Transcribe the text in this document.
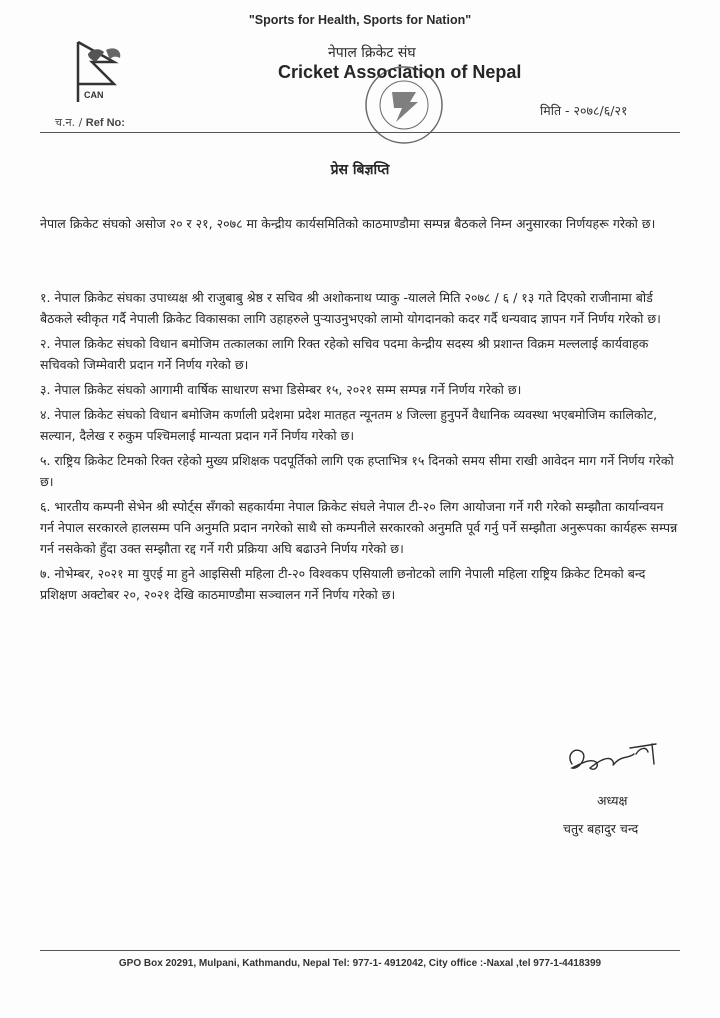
"Sports for Health, Sports for Nation"
CAN
नेपाल क्रिकेट संघ
Cricket Association of Nepal
मिति - २०७८/६/२१
च.न. / Ref No:
प्रेस बिज्ञप्ति
नेपाल क्रिकेट संघको असोज २० र २१, २०७८ मा केन्द्रीय कार्यसमितिको काठमाण्डौमा सम्पन्न बैठकले निम्न अनुसारका निर्णयहरू गरेको छ।

१. नेपाल क्रिकेट संघका उपाध्यक्ष श्री राजुबाबु श्रेष्ठ र सचिव श्री अशोकनाथ प्याकु -यालले मिति २०७८ / ६ / १३ गते दिएको राजीनामा बोर्ड बैठकले स्वीकृत गर्दै नेपाली क्रिकेट विकासका लागि उहाहरुले पुऱ्याउनुभएको लामो योगदानको कदर गर्दै धन्यवाद ज्ञापन गर्ने निर्णय गरेको छ।

२. नेपाल क्रिकेट संघको विधान बमोजिम तत्कालका लागि रिक्त रहेको सचिव पदमा केन्द्रीय सदस्य श्री प्रशान्त विक्रम मल्ललाई कार्यवाहक सचिवको जिम्मेवारी प्रदान गर्ने निर्णय गरेको छ।

३. नेपाल क्रिकेट संघको आगामी वार्षिक साधारण सभा डिसेम्बर १५, २०२१ सम्म सम्पन्न गर्ने निर्णय गरेको छ।

४. नेपाल क्रिकेट संघको विधान बमोजिम कर्णाली प्रदेशमा प्रदेश मातहत न्यूनतम ४ जिल्ला हुनुपर्ने वैधानिक व्यवस्था भएबमोजिम कालिकोट, सल्यान, दैलेख र रुकुम पश्चिमलाई मान्यता प्रदान गर्ने निर्णय गरेको छ।

५. राष्ट्रिय क्रिकेट टिमको रिक्त रहेको मुख्य प्रशिक्षक पदपूर्तिको लागि एक हप्ताभित्र १५ दिनको समय सीमा राखी आवेदन माग गर्ने निर्णय गरेको छ।

६. भारतीय कम्पनी सेभेन श्री स्पोर्ट्स सँगको सहकार्यमा नेपाल क्रिकेट संघले नेपाल टी-२० लिग आयोजना गर्ने गरी गरेको सम्झौता कार्यान्वयन गर्न नेपाल सरकारले हालसम्म पनि अनुमति प्रदान नगरेको साथै सो कम्पनीले सरकारको अनुमति पूर्व गर्नु पर्ने सम्झौता अनुरूपका कार्यहरू सम्पन्न गर्न नसकेको हुँदा उक्त सम्झौता रद्द गर्ने गरी प्रक्रिया अघि बढाउने निर्णय गरेको छ।

७. नोभेम्बर, २०२१ मा युएई मा हुने आइसिसी महिला टी-२० विश्वकप एसियाली छनोटको लागि नेपाली महिला राष्ट्रिय क्रिकेट टिमको बन्द प्रशिक्षण अक्टोबर २०, २०२१ देखि काठमाण्डौमा सञ्चालन गर्ने निर्णय गरेको छ।

अध्यक्ष
चतुर बहादुर चन्द
GPO Box 20291, Mulpani, Kathmandu, Nepal Tel: 977-1- 4912042, City office :-Naxal ,tel 977-1-4418399
